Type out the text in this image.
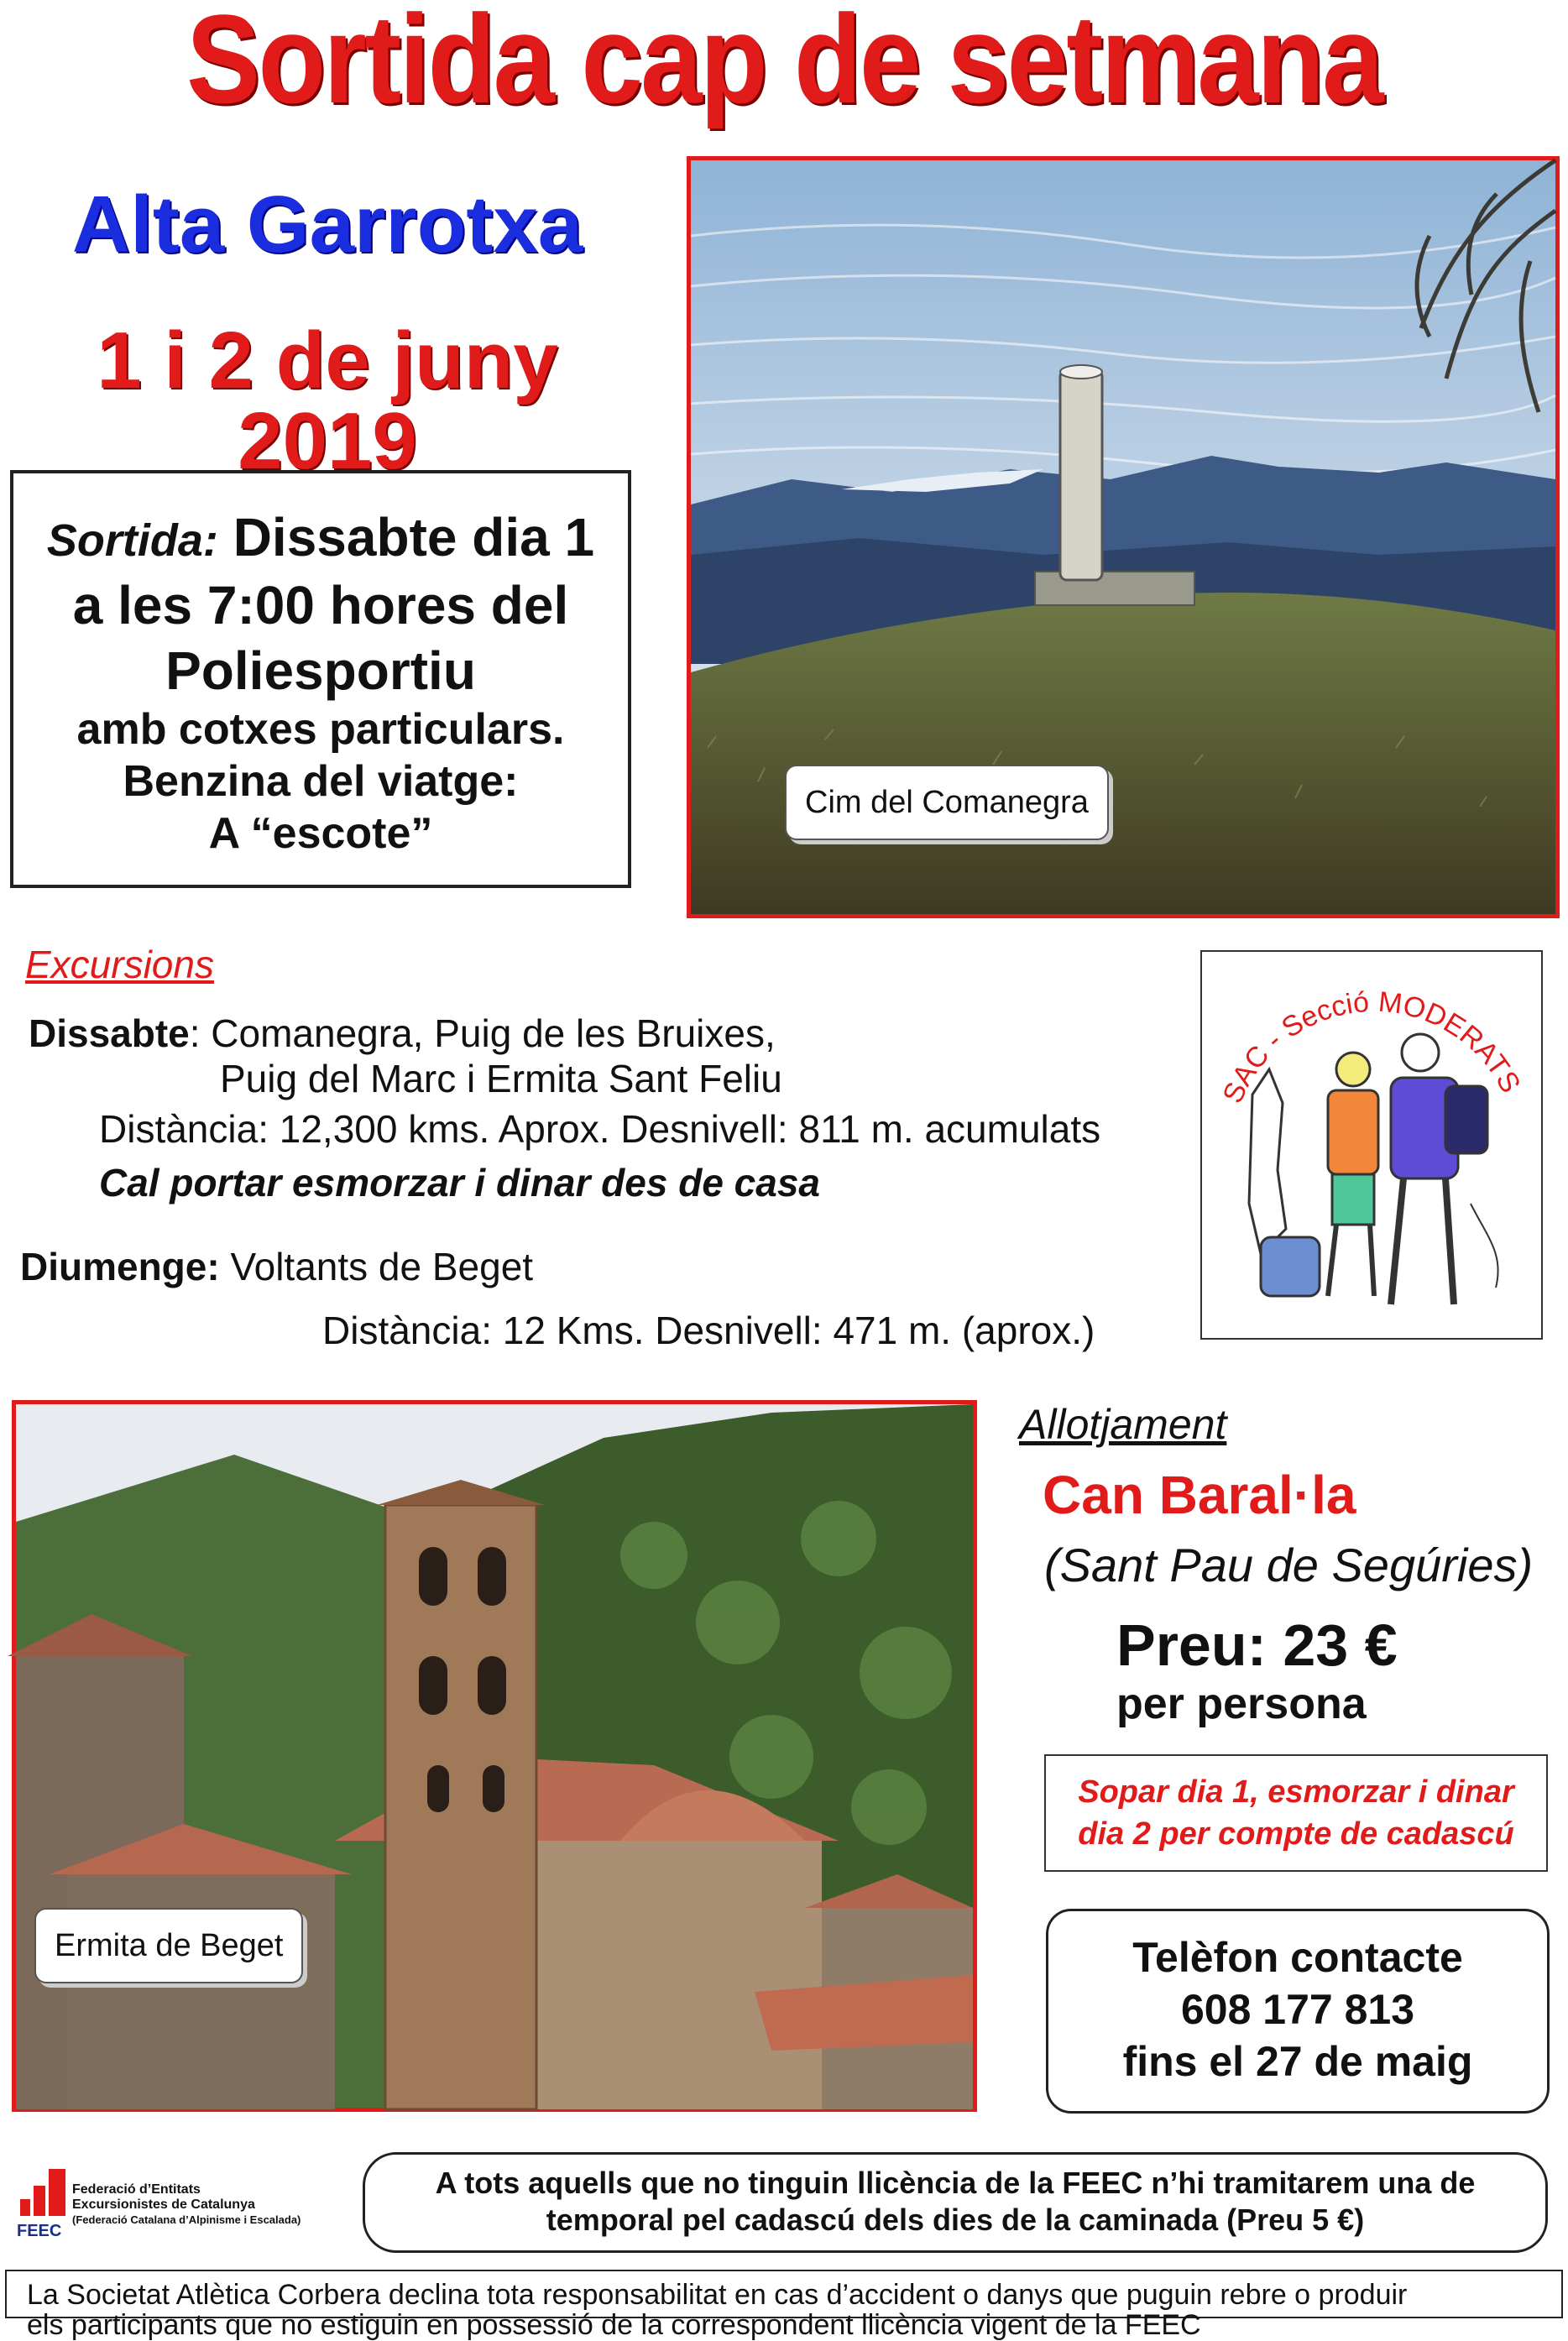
Sortida cap de setmana
Alta Garrotxa
1 i 2 de juny 2019
Sortida: Dissabte dia 1
a les 7:00 hores del
Poliesportiu
amb cotxes particulars.
Benzina del viatge:
A “escote”
Cim del Comanegra
Excursions
Dissabte: Comanegra, Puig de les Bruixes,
Puig del Marc i Ermita Sant Feliu
Distància: 12,300 kms. Aprox. Desnivell: 811 m. acumulats
Cal portar esmorzar i dinar des de casa
Diumenge: Voltants de Beget
Distància: 12 Kms. Desnivell: 471 m. (aprox.)
SAC - Secció MODERATS
Ermita de Beget
Allotjament
Can Baral·la
(Sant Pau de Segúries)
Preu: 23 €
per persona
Sopar dia 1, esmorzar i dinar
dia 2 per compte de cadascú
Telèfon contacte
608 177 813
fins el 27 de maig
FEEC
Federació d’Entitats
Excursionistes de Catalunya
(Federació Catalana d’Alpinisme i Escalada)
A tots aquells que no tinguin llicència de la FEEC n’hi tramitarem una de
temporal pel cadascú dels dies de la caminada (Preu 5 €)
La Societat Atlètica Corbera declina tota responsabilitat en cas d’accident o danys que puguin rebre o produir
els participants que no estiguin en possessió de la correspondent llicència vigent de la FEEC
